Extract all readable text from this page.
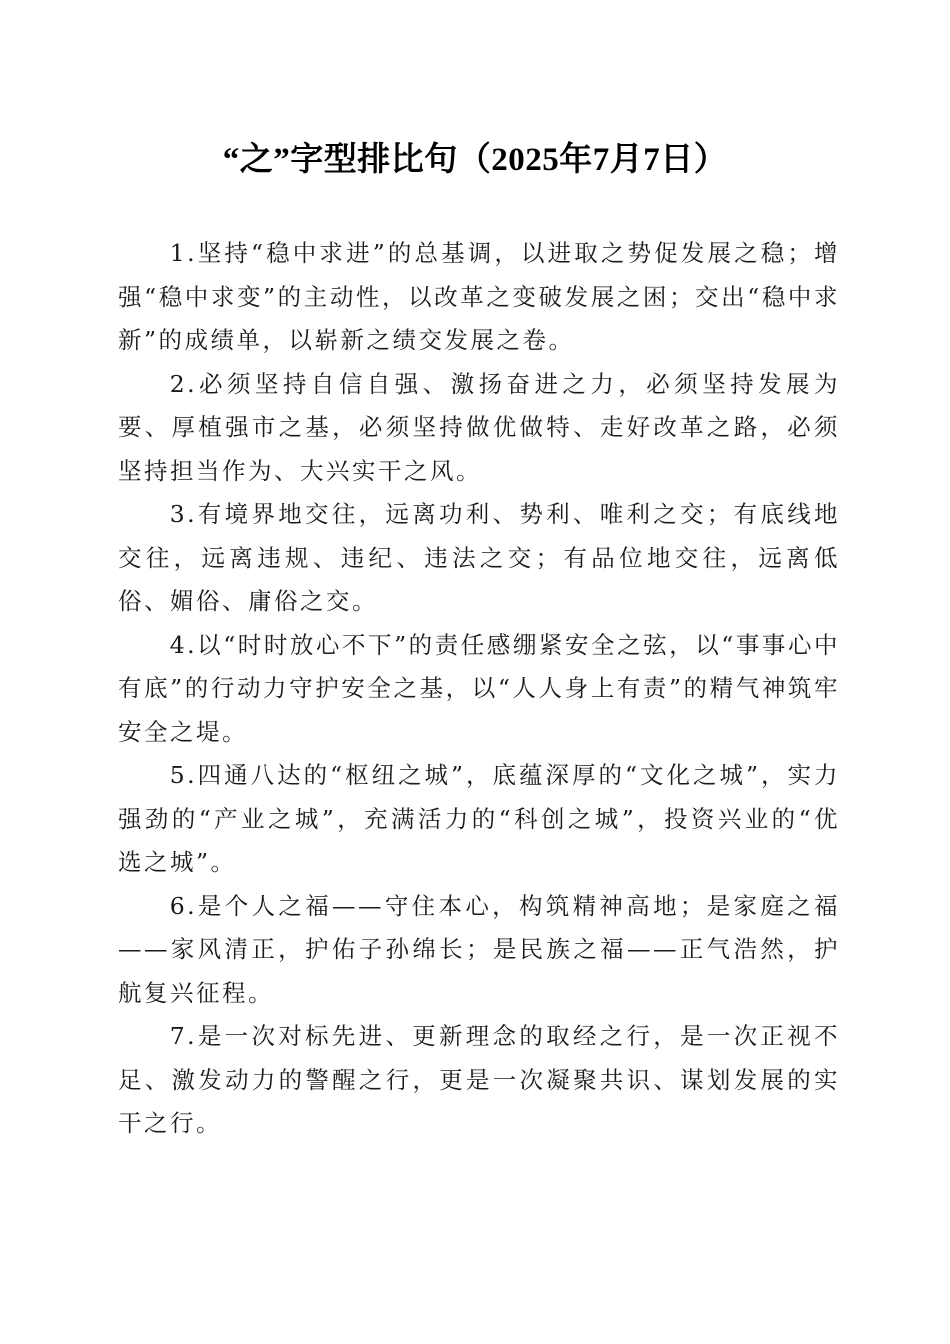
“之”字型排比句（2025年7月7日）

1.坚持“稳中求进”的总基调，以进取之势促发展之稳；增强“稳中求变”的主动性，以改革之变破发展之困；交出“稳中求新”的成绩单，以崭新之绩交发展之卷。

2.必须坚持自信自强、激扬奋进之力，必须坚持发展为要、厚植强市之基，必须坚持做优做特、走好改革之路，必须坚持担当作为、大兴实干之风。

3.有境界地交往，远离功利、势利、唯利之交；有底线地交往，远离违规、违纪、违法之交；有品位地交往，远离低俗、媚俗、庸俗之交。

4.以“时时放心不下”的责任感绷紧安全之弦，以“事事心中有底”的行动力守护安全之基，以“人人身上有责”的精气神筑牢安全之堤。

5.四通八达的“枢纽之城”，底蕴深厚的“文化之城”，实力强劲的“产业之城”，充满活力的“科创之城”，投资兴业的“优选之城”。

6.是个人之福——守住本心，构筑精神高地；是家庭之福——家风清正，护佑子孙绵长；是民族之福——正气浩然，护航复兴征程。

7.是一次对标先进、更新理念的取经之行，是一次正视不足、激发动力的警醒之行，更是一次凝聚共识、谋划发展的实干之行。
